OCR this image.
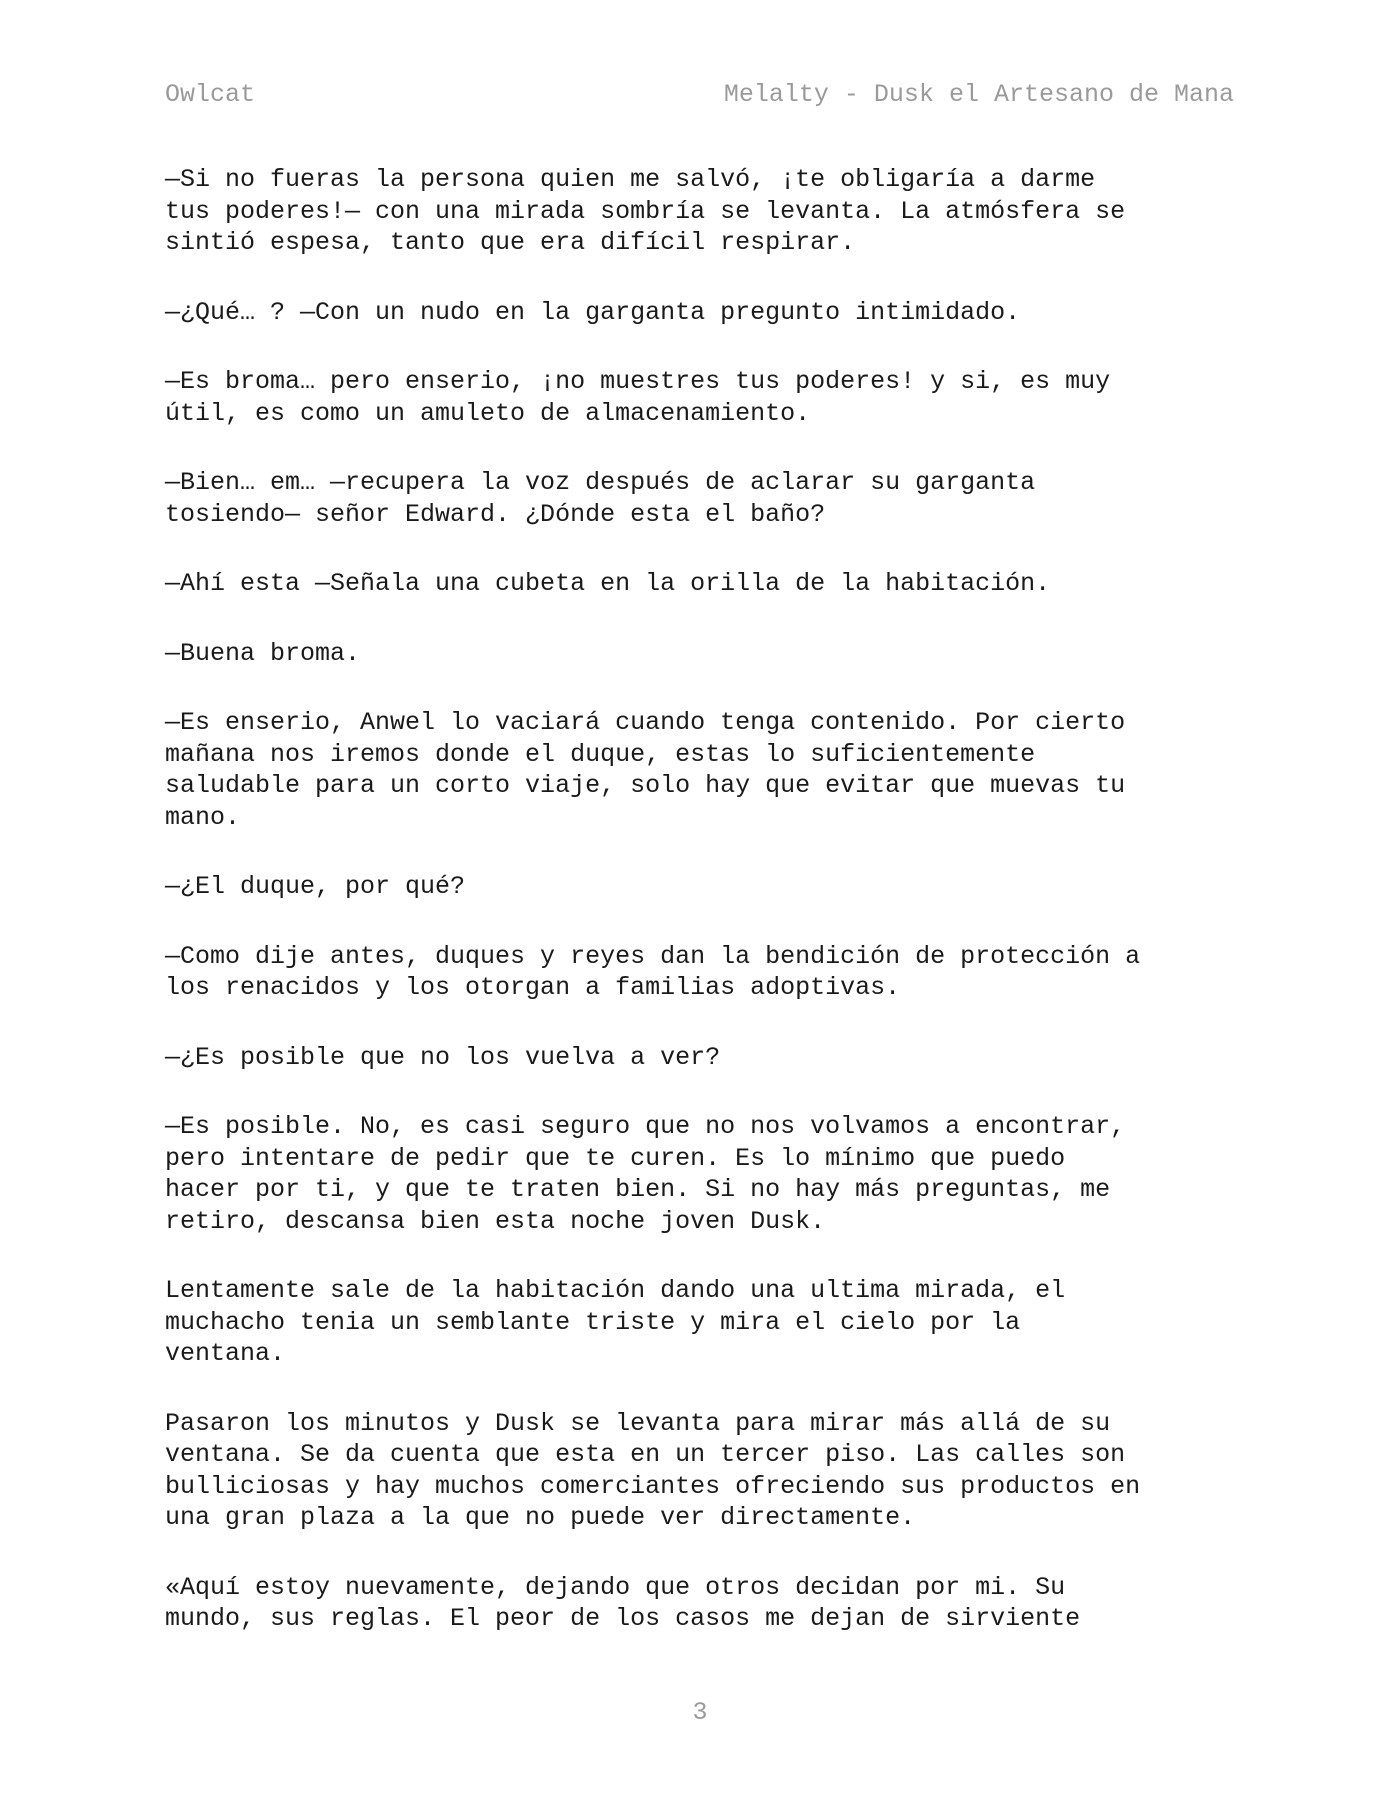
Owlcat	Melalty - Dusk el Artesano de Mana

—Si no fueras la persona quien me salvó, ¡te obligaría a darme
tus poderes!— con una mirada sombría se levanta. La atmósfera se
sintió espesa, tanto que era difícil respirar.

—¿Qué… ? —Con un nudo en la garganta pregunto intimidado.

—Es broma… pero enserio, ¡no muestres tus poderes! y si, es muy
útil, es como un amuleto de almacenamiento.

—Bien… em… —recupera la voz después de aclarar su garganta
tosiendo— señor Edward. ¿Dónde esta el baño?

—Ahí esta —Señala una cubeta en la orilla de la habitación.

—Buena broma.

—Es enserio, Anwel lo vaciará cuando tenga contenido. Por cierto
mañana nos iremos donde el duque, estas lo suficientemente
saludable para un corto viaje, solo hay que evitar que muevas tu
mano.

—¿El duque, por qué?

—Como dije antes, duques y reyes dan la bendición de protección a
los renacidos y los otorgan a familias adoptivas.

—¿Es posible que no los vuelva a ver?

—Es posible. No, es casi seguro que no nos volvamos a encontrar,
pero intentare de pedir que te curen. Es lo mínimo que puedo
hacer por ti, y que te traten bien. Si no hay más preguntas, me
retiro, descansa bien esta noche joven Dusk.

Lentamente sale de la habitación dando una ultima mirada, el
muchacho tenia un semblante triste y mira el cielo por la
ventana.

Pasaron los minutos y Dusk se levanta para mirar más allá de su
ventana. Se da cuenta que esta en un tercer piso. Las calles son
bulliciosas y hay muchos comerciantes ofreciendo sus productos en
una gran plaza a la que no puede ver directamente.

«Aquí estoy nuevamente, dejando que otros decidan por mi. Su
mundo, sus reglas. El peor de los casos me dejan de sirviente

3
